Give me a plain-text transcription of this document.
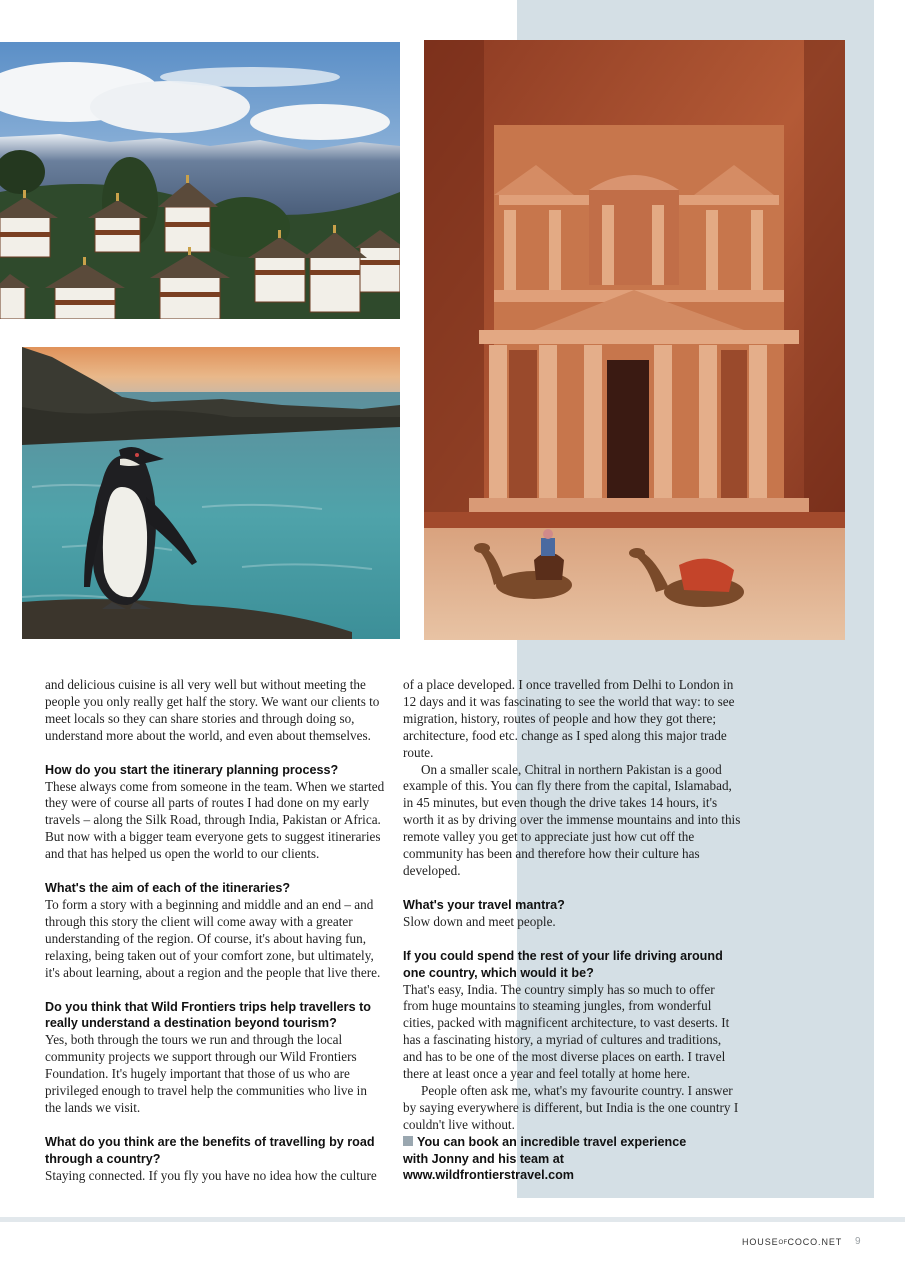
and delicious cuisine is all very well but without meeting the people you only really get half the story. We want our clients to meet locals so they can share stories and through doing so, understand more about the world, and even about themselves.

How do you start the itinerary planning process?

These always come from someone in the team. When we started they were of course all parts of routes I had done on my early travels – along the Silk Road, through India, Pakistan or Africa. But now with a bigger team everyone gets to suggest itineraries and that has helped us open the world to our clients.

What's the aim of each of the itineraries?

To form a story with a beginning and middle and an end – and through this story the client will come away with a greater understanding of the region. Of course, it's about having fun, relaxing, being taken out of your comfort zone, but ultimately, it's about learning, about a region and the people that live there.

Do you think that Wild Frontiers trips help travellers to really understand a destination beyond tourism?

Yes, both through the tours we run and through the local community projects we support through our Wild Frontiers Foundation. It's hugely important that those of us who are privileged enough to travel help the communities who live in the lands we visit.

What do you think are the benefits of travelling by road through a country?

Staying connected. If you fly you have no idea how the culture

of a place developed. I once travelled from Delhi to London in 12 days and it was fascinating to see the world that way: to see migration, history, routes of people and how they got there; architecture, food etc. change as I sped along this major trade route.

On a smaller scale, Chitral in northern Pakistan is a good example of this. You can fly there from the capital, Islamabad, in 45 minutes, but even though the drive takes 14 hours, it's worth it as by driving over the immense mountains and into this remote valley you get to appreciate just how cut off the community has been and therefore how their culture has developed.

What's your travel mantra?

Slow down and meet people.

If you could spend the rest of your life driving around one country, which would it be?

That's easy, India. The country simply has so much to offer from huge mountains to steaming jungles, from wonderful cities, packed with magnificent architecture, to vast deserts. It has a fascinating history, a myriad of cultures and traditions, and has to be one of the most diverse places on earth. I travel there at least once a year and feel totally at home here.

People often ask me, what's my favourite country. I answer by saying everywhere is different, but India is the one country I couldn't live without.

You can book an incredible travel experience
with Jonny and his team at
www.wildfrontierstravel.com
HOUSEOFCOCO.NET 9
